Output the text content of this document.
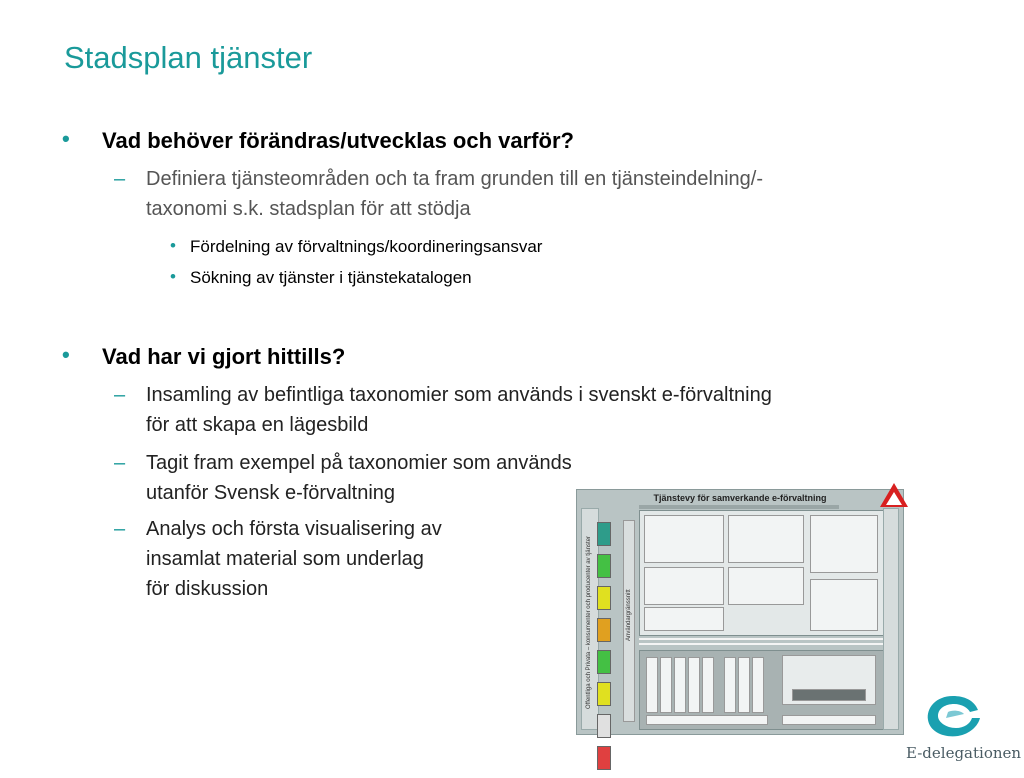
Stadsplan tjänster
• Vad behöver förändras/utvecklas och varför?
– Definiera tjänsteområden och ta fram grunden till en tjänsteindelning/-
taxonomi s.k. stadsplan för att stödja
• Fördelning av förvaltnings/koordineringsansvar
• Sökning av tjänster i tjänstekatalogen
• Vad har vi gjort hittills?
– Insamling av befintliga taxonomier som används i svenskt e-förvaltning
för att skapa en lägesbild
– Tagit fram exempel på taxonomier som används
utanför Svensk e-förvaltning
– Analys och första visualisering av
insamlat material som underlag
för diskussion
Tjänstevy för samverkande e-förvaltning
Offentliga och Privata – konsumenter och producenter av tjänster	Användargränssnitt
E-delegationen
